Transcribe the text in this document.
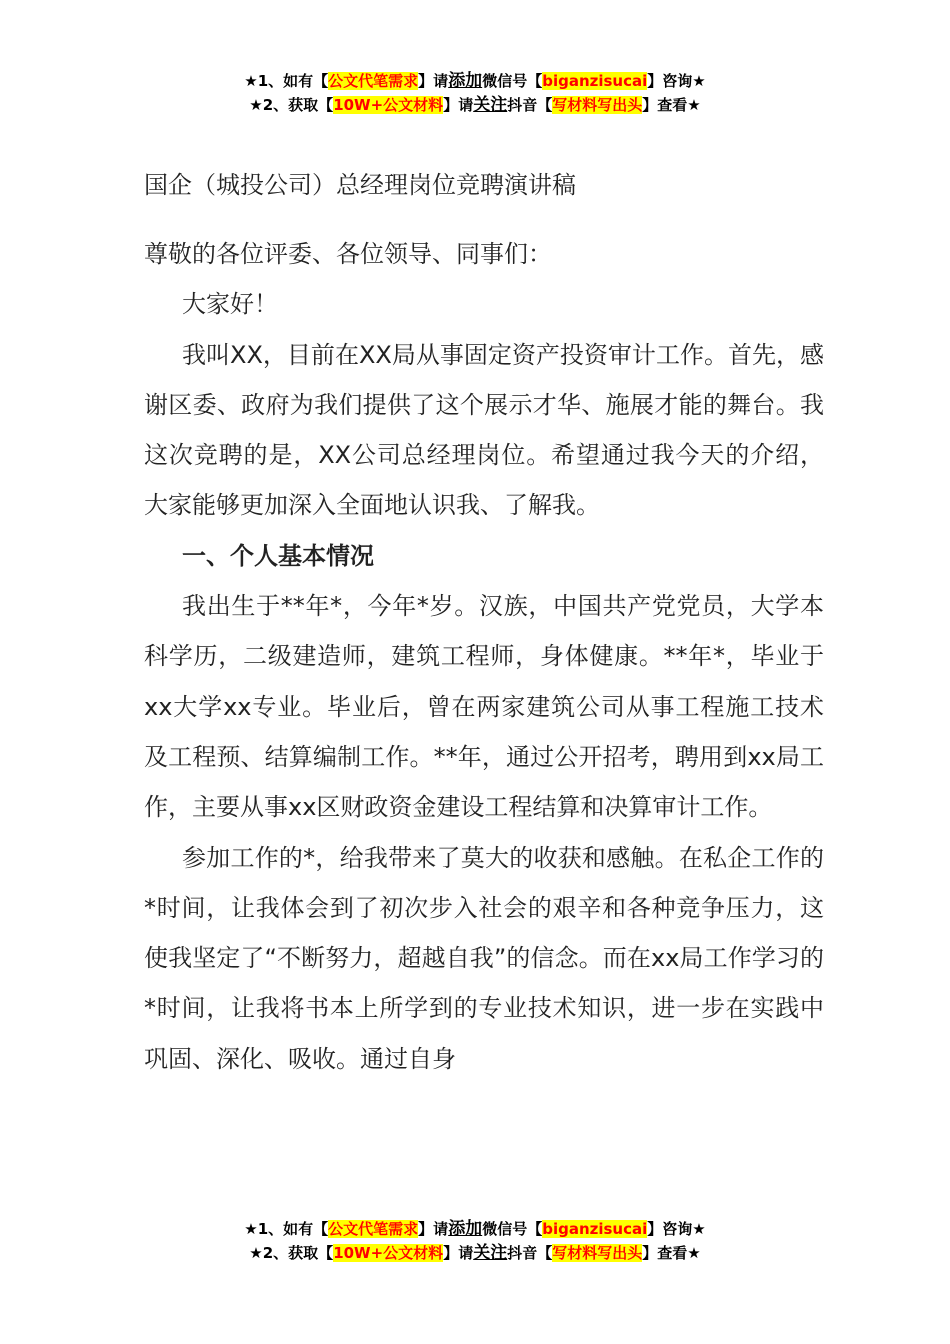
★1、如有【公文代笔需求】请添加微信号【biganzisucai】咨询★
★2、获取【10W+公文材料】请关注抖音【写材料写出头】查看★

国企（城投公司）总经理岗位竞聘演讲稿

尊敬的各位评委、各位领导、同事们：

大家好！

我叫XX，目前在XX局从事固定资产投资审计工作。首先，感谢区委、政府为我们提供了这个展示才华、施展才能的舞台。我这次竞聘的是，XX公司总经理岗位。希望通过我今天的介绍，大家能够更加深入全面地认识我、了解我。

一、个人基本情况

我出生于**年*，今年*岁。汉族，中国共产党党员，大学本科学历，二级建造师，建筑工程师，身体健康。**年*，毕业于xx大学xx专业。毕业后，曾在两家建筑公司从事工程施工技术及工程预、结算编制工作。**年，通过公开招考，聘用到xx局工作，主要从事xx区财政资金建设工程结算和决算审计工作。

参加工作的*，给我带来了莫大的收获和感触。在私企工作的*时间，让我体会到了初次步入社会的艰辛和各种竞争压力，这使我坚定了“不断努力，超越自我”的信念。而在xx局工作学习的*时间，让我将书本上所学到的专业技术知识，进一步在实践中巩固、深化、吸收。通过自身

★1、如有【公文代笔需求】请添加微信号【biganzisucai】咨询★
★2、获取【10W+公文材料】请关注抖音【写材料写出头】查看★
